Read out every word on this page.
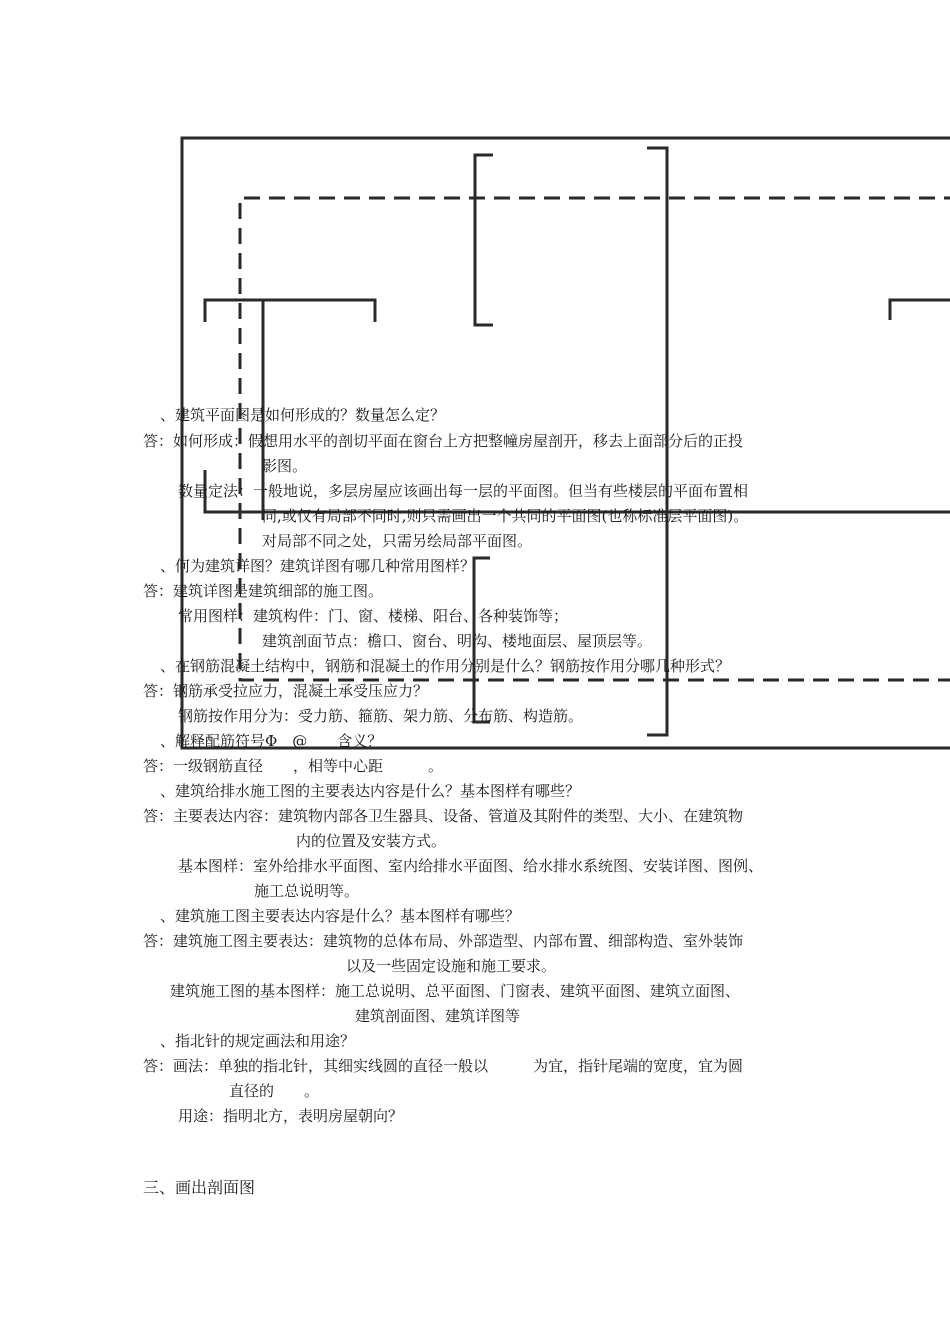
、建筑平面图是如何形成的？数量怎么定？
答：如何形成：假想用水平的剖切平面在窗台上方把整幢房屋剖开，移去上面部分后的正投
影图。
数量定法：一般地说，多层房屋应该画出每一层的平面图。但当有些楼层的平面布置相
同,或仅有局部不同时,则只需画出一个共同的平面图(也称标准层平面图)。
对局部不同之处，只需另绘局部平面图。
、何为建筑详图？建筑详图有哪几种常用图样？
答：建筑详图是建筑细部的施工图。
常用图样：建筑构件：门、窗、楼梯、阳台、各种装饰等；
建筑剖面节点：檐口、窗台、明沟、楼地面层、屋顶层等。
、在钢筋混凝土结构中，钢筋和混凝土的作用分别是什么？钢筋按作用分哪几种形式？
答：钢筋承受拉应力，混凝土承受压应力？
钢筋按作用分为：受力筋、箍筋、架力筋、分布筋、构造筋。
、解释配筋符号Φ　@　　含义？
答：一级钢筋直径　　，相等中心距　　　。
、建筑给排水施工图的主要表达内容是什么？基本图样有哪些？
答：主要表达内容：建筑物内部各卫生器具、设备、管道及其附件的类型、大小、在建筑物
内的位置及安装方式。
基本图样：室外给排水平面图、室内给排水平面图、给水排水系统图、安装详图、图例、
施工总说明等。
、建筑施工图主要表达内容是什么？基本图样有哪些？
答：建筑施工图主要表达：建筑物的总体布局、外部造型、内部布置、细部构造、室外装饰
以及一些固定设施和施工要求。
建筑施工图的基本图样：施工总说明、总平面图、门窗表、建筑平面图、建筑立面图、
建筑剖面图、建筑详图等
、指北针的规定画法和用途？
答：画法：单独的指北针，其细实线圆的直径一般以　　　为宜，指针尾端的宽度，宜为圆
直径的　　。
用途：指明北方，表明房屋朝向？
三、画出剖面图
